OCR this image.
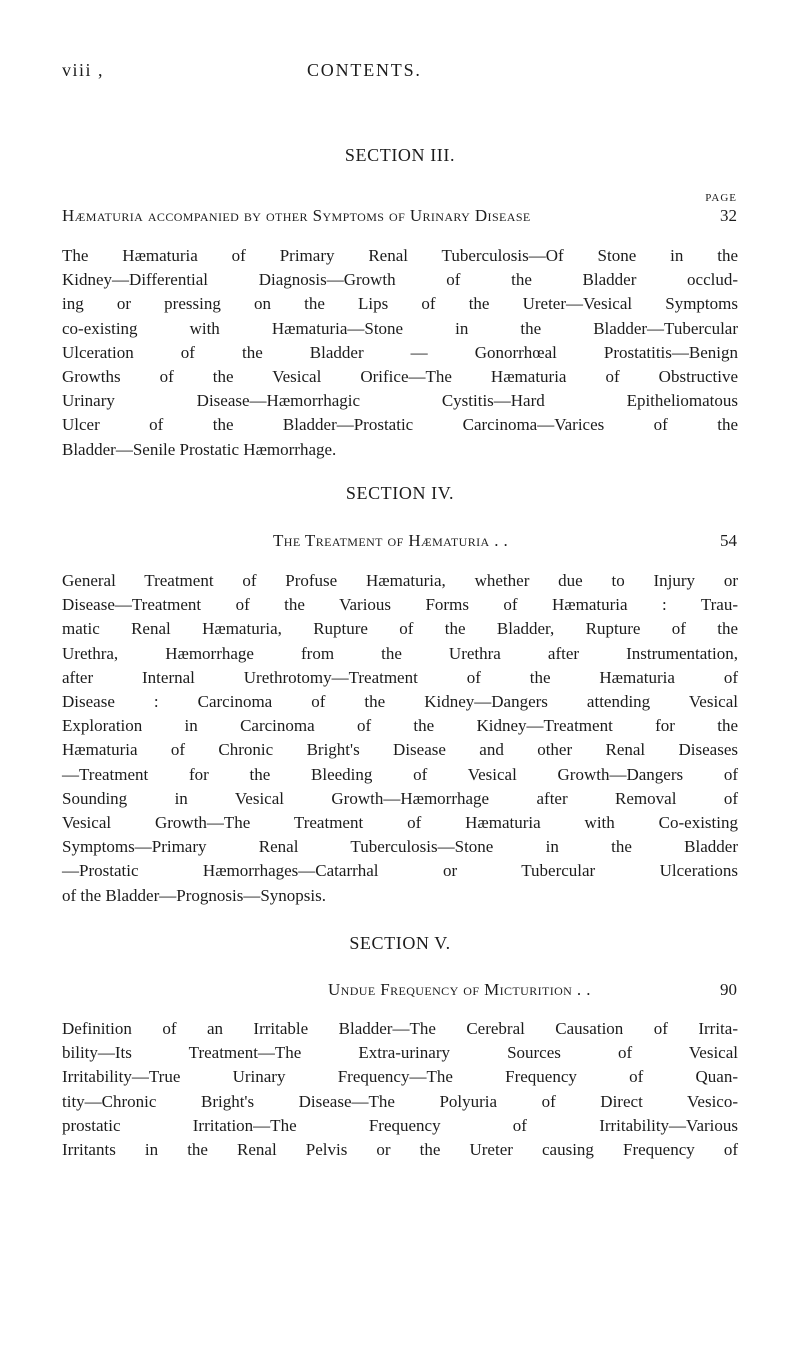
viii ,	CONTENTS.
SECTION III.
PAGE
Hæmaturia accompanied by other Symptoms of Urinary Disease	32
The Hæmaturia of Primary Renal Tuberculosis—Of Stone in the
Kidney—Differential Diagnosis—Growth of the Bladder occlud-
ing or pressing on the Lips of the Ureter—Vesical Symptoms
co-existing with Hæmaturia—Stone in the Bladder—Tubercular
Ulceration of the Bladder — Gonorrhœal Prostatitis—Benign
Growths of the Vesical Orifice—The Hæmaturia of Obstructive
Urinary Disease—Hæmorrhagic Cystitis—Hard Epitheliomatous
Ulcer of the Bladder—Prostatic Carcinoma—Varices of the
Bladder—Senile Prostatic Hæmorrhage.
SECTION IV.
The Treatment of Hæmaturia . .	54
General Treatment of Profuse Hæmaturia, whether due to Injury or
Disease—Treatment of the Various Forms of Hæmaturia : Trau-
matic Renal Hæmaturia, Rupture of the Bladder, Rupture of the
Urethra, Hæmorrhage from the Urethra after Instrumentation,
after Internal Urethrotomy—Treatment of the Hæmaturia of
Disease : Carcinoma of the Kidney—Dangers attending Vesical
Exploration in Carcinoma of the Kidney—Treatment for the
Hæmaturia of Chronic Bright's Disease and other Renal Diseases
—Treatment for the Bleeding of Vesical Growth—Dangers of
Sounding in Vesical Growth—Hæmorrhage after Removal of
Vesical Growth—The Treatment of Hæmaturia with Co-existing
Symptoms—Primary Renal Tuberculosis—Stone in the Bladder
—Prostatic Hæmorrhages—Catarrhal or Tubercular Ulcerations
of the Bladder—Prognosis—Synopsis.
SECTION V.
Undue Frequency of Micturition . .	90
Definition of an Irritable Bladder—The Cerebral Causation of Irrita-
bility—Its Treatment—The Extra-urinary Sources of Vesical
Irritability—True Urinary Frequency—The Frequency of Quan-
tity—Chronic Bright's Disease—The Polyuria of Direct Vesico-
prostatic Irritation—The Frequency of Irritability—Various
Irritants in the Renal Pelvis or the Ureter causing Frequency of
